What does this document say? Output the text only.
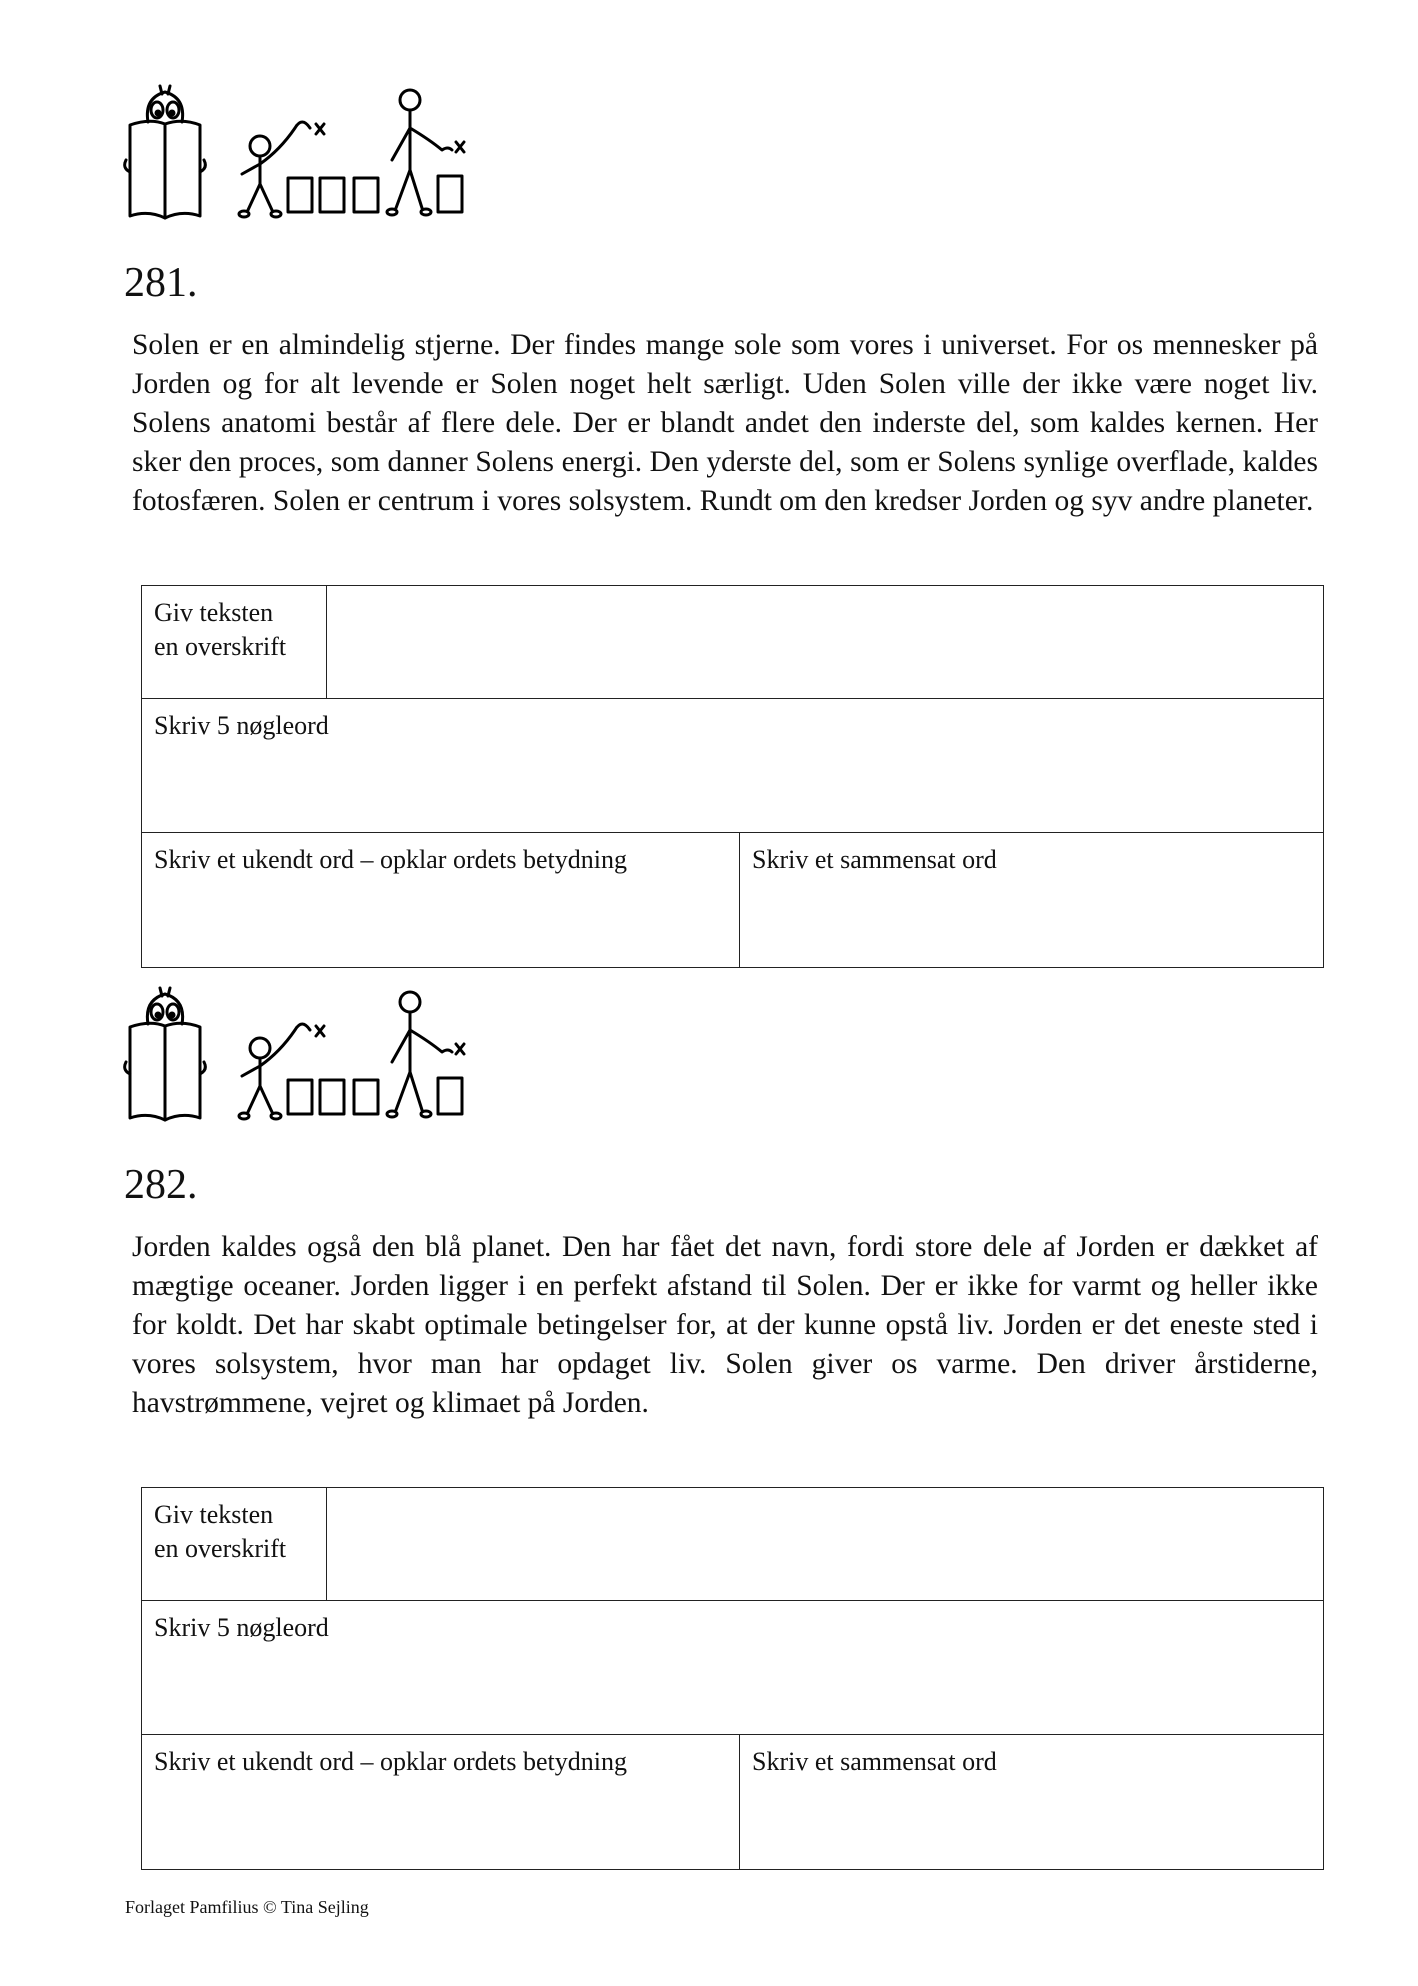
281.

Solen er en almindelig stjerne. Der findes mange sole som vores i universet. For os mennesker på Jorden og for alt levende er Solen noget helt særligt. Uden Solen ville der ikke være noget liv. Solens anatomi består af flere dele. Der er blandt andet den inderste del, som kaldes kernen. Her sker den proces, som danner Solens energi. Den yderste del, som er Solens synlige overflade, kaldes fotosfæren. Solen er centrum i vores solsystem. Rundt om den kredser Jorden og syv andre planeter.

Giv teksten
en overskrift
Skriv 5 nøgleord
Skriv et ukendt ord – opklar ordets betydning	Skriv et sammensat ord
282.

Jorden kaldes også den blå planet. Den har fået det navn, fordi store dele af Jorden er dækket af mægtige oceaner. Jorden ligger i en perfekt afstand til Solen. Der er ikke for varmt og heller ikke for koldt. Det har skabt optimale betingelser for, at der kunne opstå liv. Jorden er det eneste sted i vores solsystem, hvor man har opdaget liv. Solen giver os varme. Den driver årstiderne, havstrømmene, vejret og klimaet på Jorden.

Giv teksten
en overskrift
Skriv 5 nøgleord
Skriv et ukendt ord – opklar ordets betydning	Skriv et sammensat ord
Forlaget Pamfilius © Tina Sejling
